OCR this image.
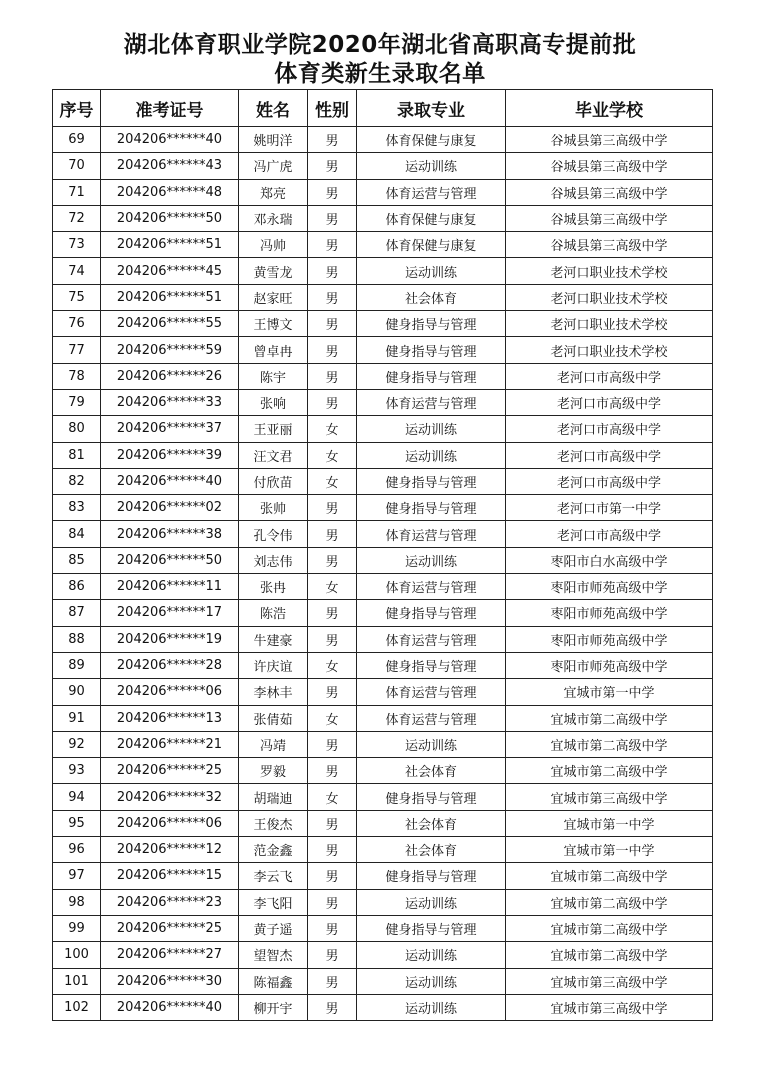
湖北体育职业学院2020年湖北省高职高专提前批
体育类新生录取名单
序号	准考证号	姓名	性别	录取专业	毕业学校
69	204206******40	姚明洋	男	体育保健与康复	谷城县第三高级中学
70	204206******43	冯广虎	男	运动训练	谷城县第三高级中学
71	204206******48	郑亮	男	体育运营与管理	谷城县第三高级中学
72	204206******50	邓永瑞	男	体育保健与康复	谷城县第三高级中学
73	204206******51	冯帅	男	体育保健与康复	谷城县第三高级中学
74	204206******45	黄雪龙	男	运动训练	老河口职业技术学校
75	204206******51	赵家旺	男	社会体育	老河口职业技术学校
76	204206******55	王博文	男	健身指导与管理	老河口职业技术学校
77	204206******59	曾卓冉	男	健身指导与管理	老河口职业技术学校
78	204206******26	陈宇	男	健身指导与管理	老河口市高级中学
79	204206******33	张响	男	体育运营与管理	老河口市高级中学
80	204206******37	王亚丽	女	运动训练	老河口市高级中学
81	204206******39	汪文君	女	运动训练	老河口市高级中学
82	204206******40	付欣苗	女	健身指导与管理	老河口市高级中学
83	204206******02	张帅	男	健身指导与管理	老河口市第一中学
84	204206******38	孔令伟	男	体育运营与管理	老河口市高级中学
85	204206******50	刘志伟	男	运动训练	枣阳市白水高级中学
86	204206******11	张冉	女	体育运营与管理	枣阳市师苑高级中学
87	204206******17	陈浩	男	健身指导与管理	枣阳市师苑高级中学
88	204206******19	牛建豪	男	体育运营与管理	枣阳市师苑高级中学
89	204206******28	许庆谊	女	健身指导与管理	枣阳市师苑高级中学
90	204206******06	李林丰	男	体育运营与管理	宜城市第一中学
91	204206******13	张倩茹	女	体育运营与管理	宜城市第二高级中学
92	204206******21	冯靖	男	运动训练	宜城市第二高级中学
93	204206******25	罗毅	男	社会体育	宜城市第二高级中学
94	204206******32	胡瑞迪	女	健身指导与管理	宜城市第三高级中学
95	204206******06	王俊杰	男	社会体育	宜城市第一中学
96	204206******12	范金鑫	男	社会体育	宜城市第一中学
97	204206******15	李云飞	男	健身指导与管理	宜城市第二高级中学
98	204206******23	李飞阳	男	运动训练	宜城市第二高级中学
99	204206******25	黄子遥	男	健身指导与管理	宜城市第二高级中学
100	204206******27	望智杰	男	运动训练	宜城市第二高级中学
101	204206******30	陈福鑫	男	运动训练	宜城市第三高级中学
102	204206******40	柳开宇	男	运动训练	宜城市第三高级中学
